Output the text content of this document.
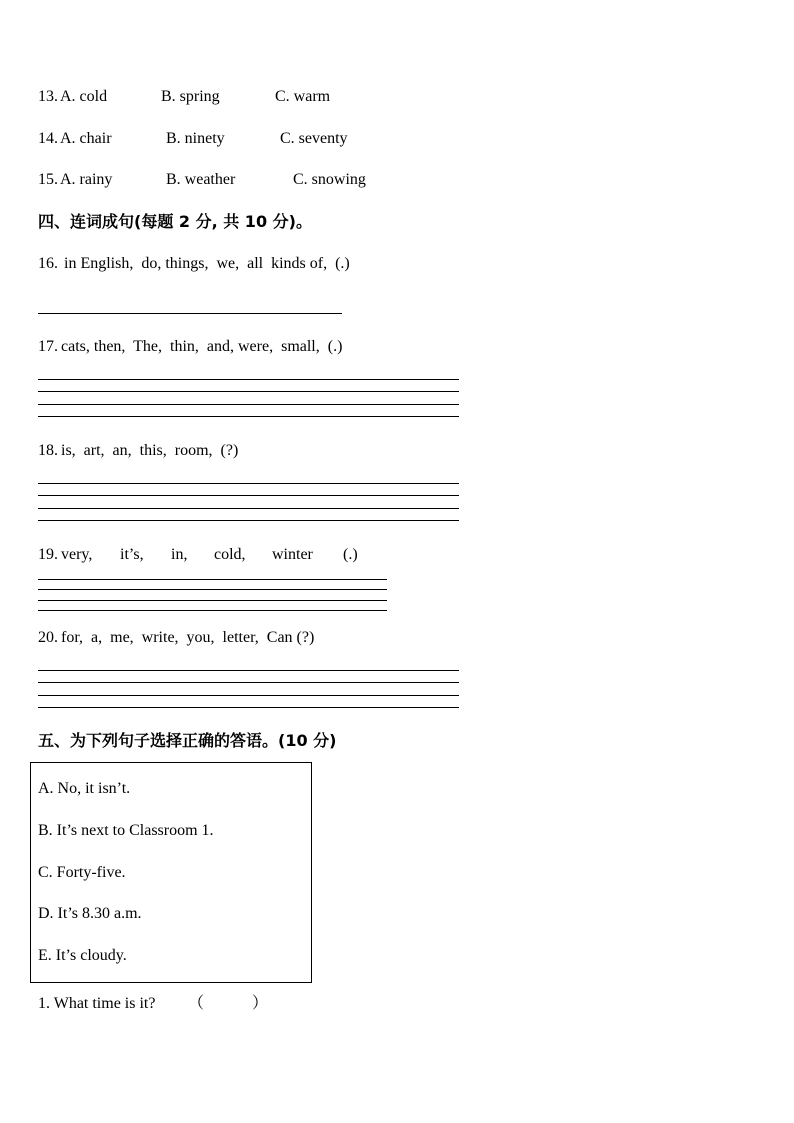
13. A. cold	B. spring	C. warm
14. A. chair	B. ninety	C. seventy
15. A. rainy	B. weather	C. snowing
四、连词成句(每题 2 分, 共 10 分)。
16. in English,  do, things,  we,  all  kinds of,  (.)
17. cats, then,  The,  thin,  and, were,  small,  (.)
18. is,  art,  an,  this,  room,  (?)
19. very, it’s, in, cold, winter (.)
20. for,  a,  me,  write,  you,  letter,  Can (?)
五、为下列句子选择正确的答语。(10 分)
A. No, it isn’t.
B. It’s next to Classroom 1.
C. Forty-five.
D. It’s 8.30 a.m.
E. It’s cloudy.
1. What time is it? （	）
